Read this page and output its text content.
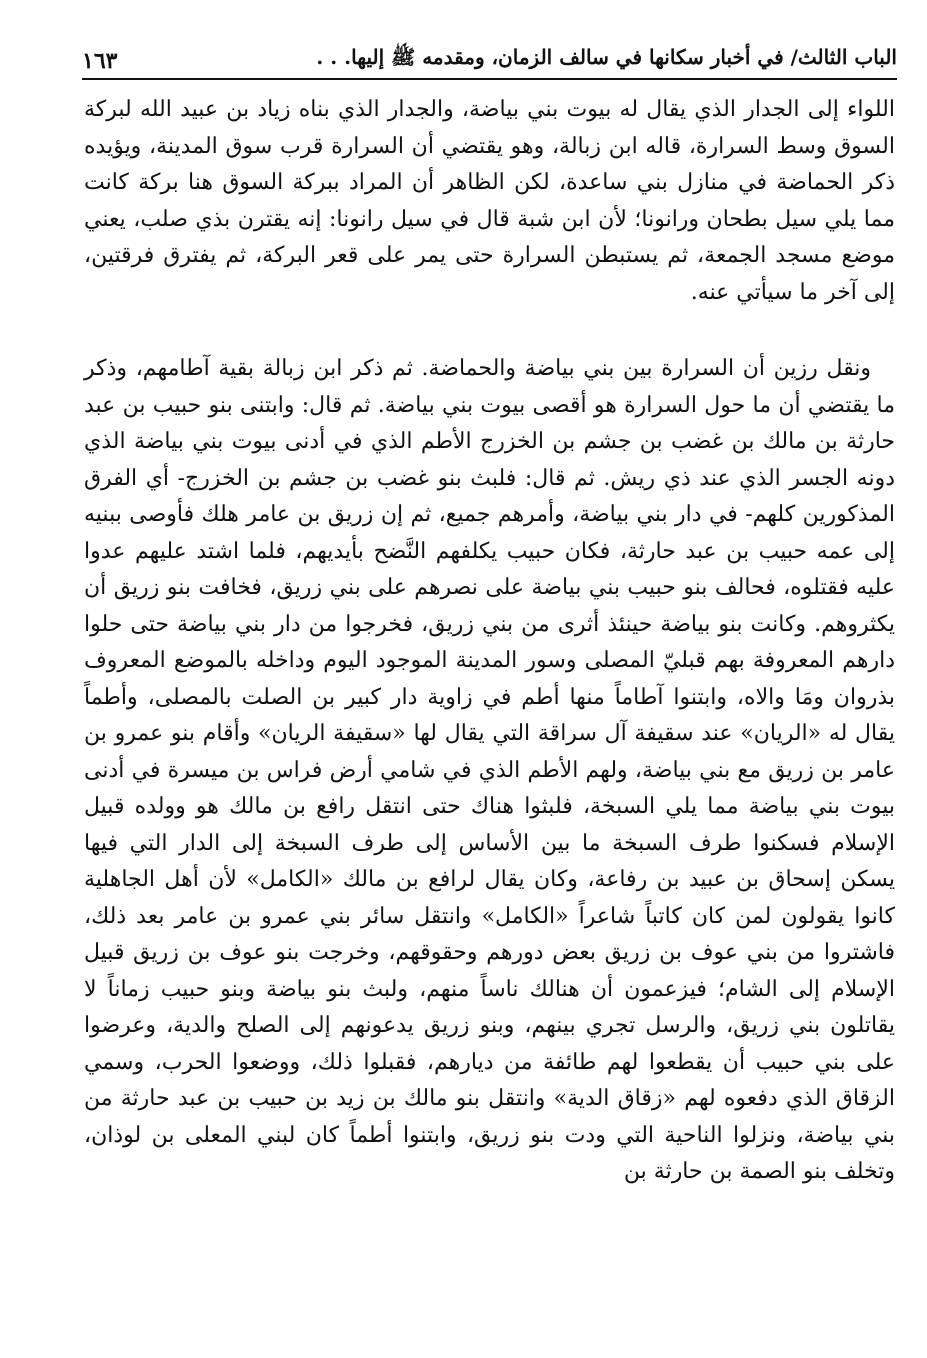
الباب الثالث/ في أخبار سكانها في سالف الزمان، ومقدمه ﷺ إليها. . .
١٦٣

اللواء إلى الجدار الذي يقال له بيوت بني بياضة، والجدار الذي بناه زياد بن عبيد الله لبركة السوق وسط السرارة، قاله ابن زبالة، وهو يقتضي أن السرارة قرب سوق المدينة، ويؤيده ذكر الحماضة في منازل بني ساعدة، لكن الظاهر أن المراد ببركة السوق هنا بركة كانت مما يلي سيل بطحان ورانونا؛ لأن ابن شبة قال في سيل رانونا: إنه يقترن بذي صلب، يعني موضع مسجد الجمعة، ثم يستبطن السرارة حتى يمر على قعر البركة، ثم يفترق فرقتين، إلى آخر ما سيأتي عنه.

ونقل رزين أن السرارة بين بني بياضة والحماضة. ثم ذكر ابن زبالة بقية آطامهم، وذكر ما يقتضي أن ما حول السرارة هو أقصى بيوت بني بياضة. ثم قال: وابتنى بنو حبيب بن عبد حارثة بن مالك بن غضب بن جشم بن الخزرج الأطم الذي في أدنى بيوت بني بياضة الذي دونه الجسر الذي عند ذي ريش. ثم قال: فلبث بنو غضب بن جشم بن الخزرج- أي الفرق المذكورين كلهم- في دار بني بياضة، وأمرهم جميع، ثم إن زريق بن عامر هلك فأوصى ببنيه إلى عمه حبيب بن عبد حارثة، فكان حبيب يكلفهم النَّضح بأيديهم، فلما اشتد عليهم عدوا عليه فقتلوه، فحالف بنو حبيب بني بياضة على نصرهم على بني زريق، فخافت بنو زريق أن يكثروهم. وكانت بنو بياضة حينئذ أثرى من بني زريق، فخرجوا من دار بني بياضة حتى حلوا دارهم المعروفة بهم قبليّ المصلى وسور المدينة الموجود اليوم وداخله بالموضع المعروف بذروان ومَا والاه، وابتنوا آطاماً منها أطم في زاوية دار كبير بن الصلت بالمصلى، وأطماً يقال له «الريان» عند سقيفة آل سراقة التي يقال لها «سقيفة الريان» وأقام بنو عمرو بن عامر بن زريق مع بني بياضة، ولهم الأطم الذي في شامي أرض فراس بن ميسرة في أدنى بيوت بني بياضة مما يلي السبخة، فلبثوا هناك حتى انتقل رافع بن مالك هو وولده قبيل الإسلام فسكنوا طرف السبخة ما بين الأساس إلى طرف السبخة إلى الدار التي فيها يسكن إسحاق بن عبيد بن رفاعة، وكان يقال لرافع بن مالك «الكامل» لأن أهل الجاهلية كانوا يقولون لمن كان كاتباً شاعراً «الكامل» وانتقل سائر بني عمرو بن عامر بعد ذلك، فاشتروا من بني عوف بن زريق بعض دورهم وحقوقهم، وخرجت بنو عوف بن زريق قبيل الإسلام إلى الشام؛ فيزعمون أن هنالك ناساً منهم، ولبث بنو بياضة وبنو حبيب زماناً لا يقاتلون بني زريق، والرسل تجري بينهم، وبنو زريق يدعونهم إلى الصلح والدية، وعرضوا على بني حبيب أن يقطعوا لهم طائفة من ديارهم، فقبلوا ذلك، ووضعوا الحرب، وسمي الزقاق الذي دفعوه لهم «زقاق الدية» وانتقل بنو مالك بن زيد بن حبيب بن عبد حارثة من بني بياضة، ونزلوا الناحية التي ودت بنو زريق، وابتنوا أطماً كان لبني المعلى بن لوذان، وتخلف بنو الصمة بن حارثة بن
